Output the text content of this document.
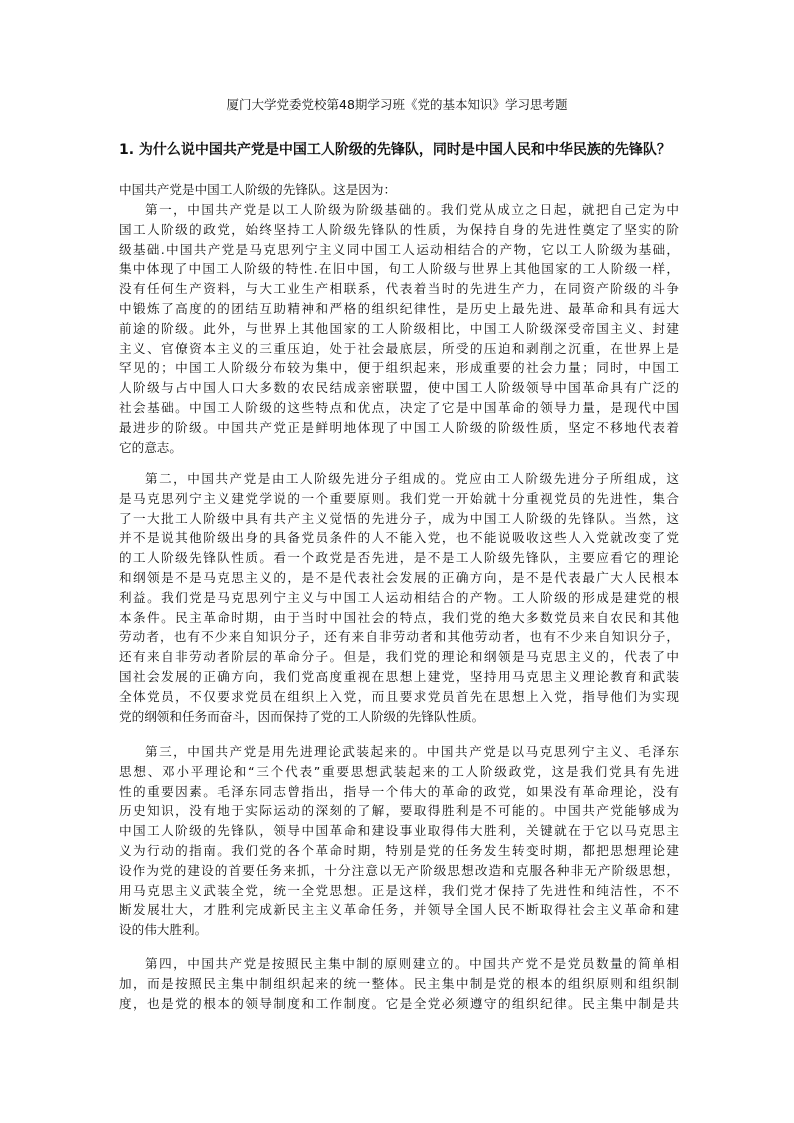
厦门大学党委党校第48期学习班《党的基本知识》学习思考题
1. 为什么说中国共产党是中国工人阶级的先锋队，同时是中国人民和中华民族的先锋队？
中国共产党是中国工人阶级的先锋队。这是因为：
第一，中国共产党是以工人阶级为阶级基础的。我们党从成立之日起，就把自己定为中
国工人阶级的政党，始终坚持工人阶级先锋队的性质，为保持自身的先进性奠定了坚实的阶
级基础.中国共产党是马克思列宁主义同中国工人运动相结合的产物，它以工人阶级为基础，
集中体现了中国工人阶级的特性.在旧中国，旬工人阶级与世界上其他国家的工人阶级一样，
没有任何生产资料，与大工业生产相联系，代表着当时的先进生产力，在同资产阶级的斗争
中锻炼了高度的的团结互助精神和严格的组织纪律性，是历史上最先进、最革命和具有远大
前途的阶级。此外，与世界上其他国家的工人阶级相比，中国工人阶级深受帝国主义、封建
主义、官僚资本主义的三重压迫，处于社会最底层，所受的压迫和剥削之沉重，在世界上是
罕见的；中国工人阶级分布较为集中，便于组织起来，形成重要的社会力量；同时，中国工
人阶级与占中国人口大多数的农民结成亲密联盟，使中国工人阶级领导中国革命具有广泛的
社会基础。中国工人阶级的这些特点和优点，决定了它是中国革命的领导力量，是现代中国
最进步的阶级。中国共产党正是鲜明地体现了中国工人阶级的阶级性质，坚定不移地代表着
它的意志。
第二，中国共产党是由工人阶级先进分子组成的。党应由工人阶级先进分子所组成，这
是马克思列宁主义建党学说的一个重要原则。我们党一开始就十分重视党员的先进性，集合
了一大批工人阶级中具有共产主义觉悟的先进分子，成为中国工人阶级的先锋队。当然，这
并不是说其他阶级出身的具备党员条件的人不能入党，也不能说吸收这些人入党就改变了党
的工人阶级先锋队性质。看一个政党是否先进，是不是工人阶级先锋队，主要应看它的理论
和纲领是不是马克思主义的，是不是代表社会发展的正确方向，是不是代表最广大人民根本
利益。我们党是马克思列宁主义与中国工人运动相结合的产物。工人阶级的形成是建党的根
本条件。民主革命时期，由于当时中国社会的特点，我们党的绝大多数党员来自农民和其他
劳动者，也有不少来自知识分子，还有来自非劳动者和其他劳动者，也有不少来自知识分子，
还有来自非劳动者阶层的革命分子。但是，我们党的理论和纲领是马克思主义的，代表了中
国社会发展的正确方向，我们党高度重视在思想上建党，坚持用马克思主义理论教育和武装
全体党员，不仅要求党员在组织上入党，而且要求党员首先在思想上入党，指导他们为实现
党的纲领和任务而奋斗，因而保持了党的工人阶级的先锋队性质。
第三，中国共产党是用先进理论武装起来的。中国共产党是以马克思列宁主义、毛泽东
思想、邓小平理论和“三个代表”重要思想武装起来的工人阶级政党，这是我们党具有先进
性的重要因素。毛泽东同志曾指出，指导一个伟大的革命的政党，如果没有革命理论，没有
历史知识，没有地于实际运动的深刻的了解，要取得胜利是不可能的。中国共产党能够成为
中国工人阶级的先锋队，领导中国革命和建设事业取得伟大胜利，关键就在于它以马克思主
义为行动的指南。我们党的各个革命时期，特别是党的任务发生转变时期，都把思想理论建
设作为党的建设的首要任务来抓，十分注意以无产阶级思想改造和克服各种非无产阶级思想，
用马克思主义武装全党，统一全党思想。正是这样，我们党才保持了先进性和纯洁性，不不
断发展壮大，才胜利完成新民主主义革命任务，并领导全国人民不断取得社会主义革命和建
设的伟大胜利。
第四，中国共产党是按照民主集中制的原则建立的。中国共产党不是党员数量的简单相
加，而是按照民主集中制组织起来的统一整体。民主集中制是党的根本的组织原则和组织制
度，也是党的根本的领导制度和工作制度。它是全党必须遵守的组织纪律。民主集中制是共
